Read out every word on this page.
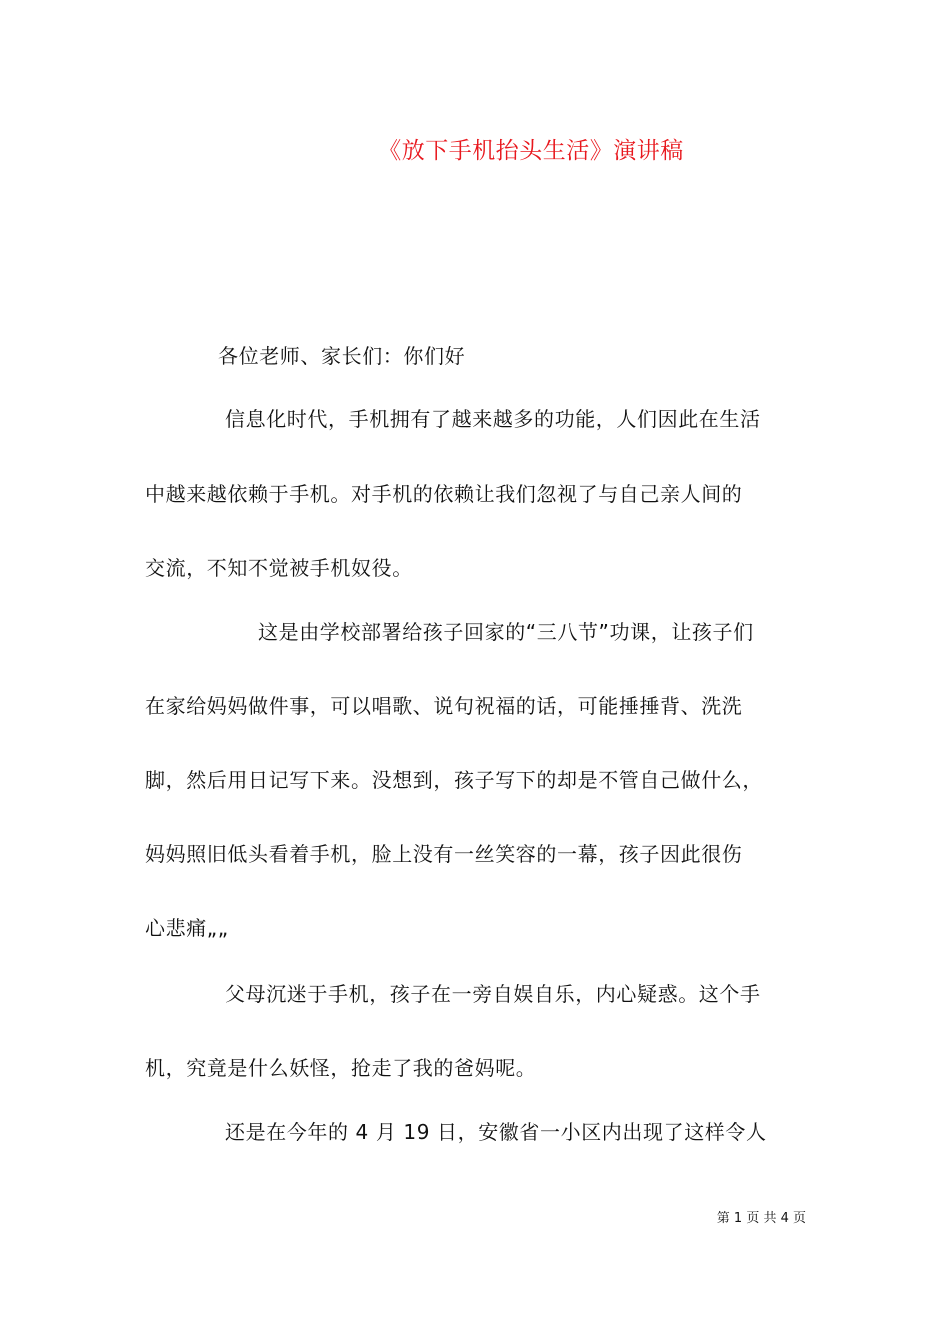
《放下手机抬头生活》演讲稿
各位老师、家长们：你们好
信息化时代，手机拥有了越来越多的功能，人们因此在生活
中越来越依赖于手机。对手机的依赖让我们忽视了与自己亲人间的
交流，不知不觉被手机奴役。
这是由学校部署给孩子回家的“三八节”功课，让孩子们
在家给妈妈做件事，可以唱歌、说句祝福的话，可能捶捶背、洗洗
脚，然后用日记写下来。没想到，孩子写下的却是不管自己做什么，
妈妈照旧低头看着手机，脸上没有一丝笑容的一幕，孩子因此很伤
心悲痛„„
父母沉迷于手机，孩子在一旁自娱自乐，内心疑惑。这个手
机，究竟是什么妖怪，抢走了我的爸妈呢。
还是在今年的 4 月 19 日，安徽省一小区内出现了这样令人
第 1 页 共 4 页
